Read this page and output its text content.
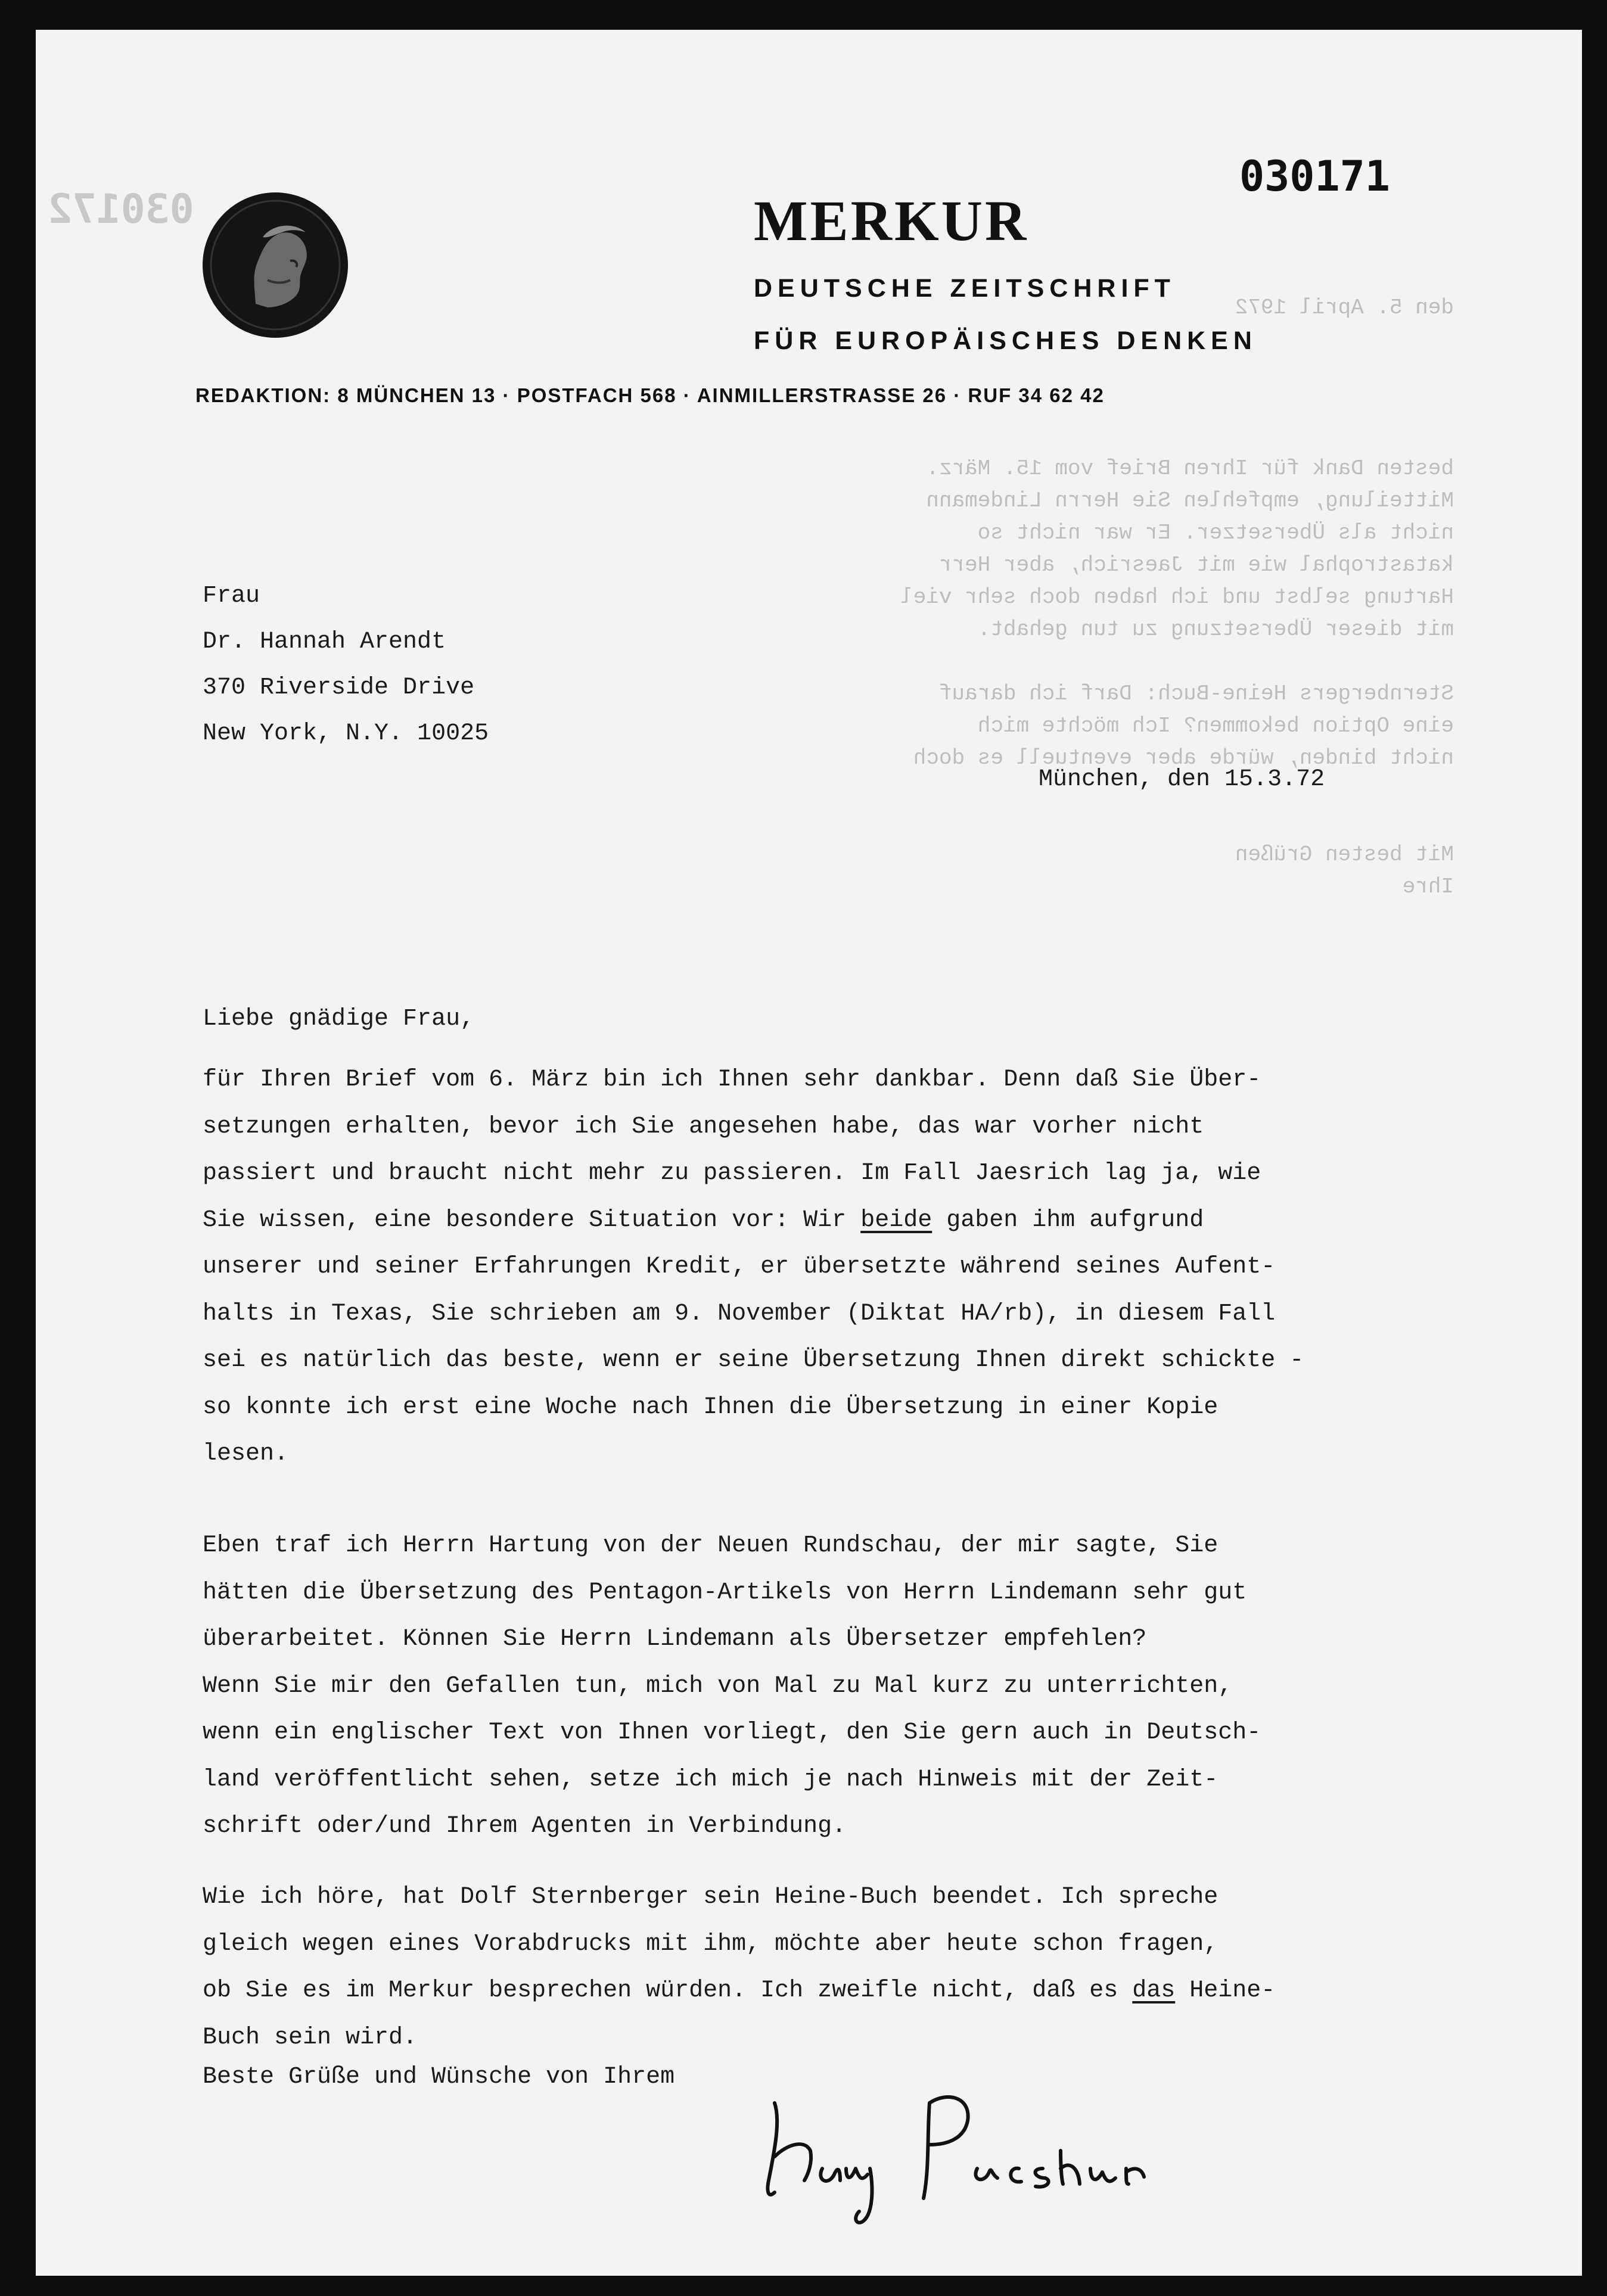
030172
den 5. April 1972

besten Dank für Ihren Brief vom 15. März.
Mitteilung, empfehlen Sie Herrn Lindemann
nicht als Übersetzer. Er war nicht so
katastrophal wie mit Jaesrich, aber Herr
Hartung selbst und ich haben doch sehr viel
mit dieser Übersetzung zu tun gehabt.

Sternbergers Heine-Buch: Darf ich darauf
eine Option bekommen? Ich möchte mich
nicht binden, würde aber eventuell es doch

Mit besten Grüßen
Ihre
030171
MERKUR
DEUTSCHE ZEITSCHRIFT
FÜR EUROPÄISCHES DENKEN
REDAKTION: 8 MÜNCHEN 13 · POSTFACH 568 · AINMILLERSTRASSE 26 · RUF 34 62 42
Frau
Dr. Hannah Arendt
370 Riverside Drive
New York, N.Y. 10025
München, den 15.3.72
Liebe gnädige Frau,
für Ihren Brief vom 6. März bin ich Ihnen sehr dankbar. Denn daß Sie Über-
setzungen erhalten, bevor ich Sie angesehen habe, das war vorher nicht
passiert und braucht nicht mehr zu passieren. Im Fall Jaesrich lag ja, wie
Sie wissen, eine besondere Situation vor: Wir beide gaben ihm aufgrund
unserer und seiner Erfahrungen Kredit, er übersetzte während seines Aufent-
halts in Texas, Sie schrieben am 9. November (Diktat HA/rb), in diesem Fall
sei es natürlich das beste, wenn er seine Übersetzung Ihnen direkt schickte -
so konnte ich erst eine Woche nach Ihnen die Übersetzung in einer Kopie
lesen.
Eben traf ich Herrn Hartung von der Neuen Rundschau, der mir sagte, Sie
hätten die Übersetzung des Pentagon-Artikels von Herrn Lindemann sehr gut
überarbeitet. Können Sie Herrn Lindemann als Übersetzer empfehlen?
Wenn Sie mir den Gefallen tun, mich von Mal zu Mal kurz zu unterrichten,
wenn ein englischer Text von Ihnen vorliegt, den Sie gern auch in Deutsch-
land veröffentlicht sehen, setze ich mich je nach Hinweis mit der Zeit-
schrift oder/und Ihrem Agenten in Verbindung.
Wie ich höre, hat Dolf Sternberger sein Heine-Buch beendet. Ich spreche
gleich wegen eines Vorabdrucks mit ihm, möchte aber heute schon fragen,
ob Sie es im Merkur besprechen würden. Ich zweifle nicht, daß es das Heine-
Buch sein wird.
Beste Grüße und Wünsche von Ihrem
